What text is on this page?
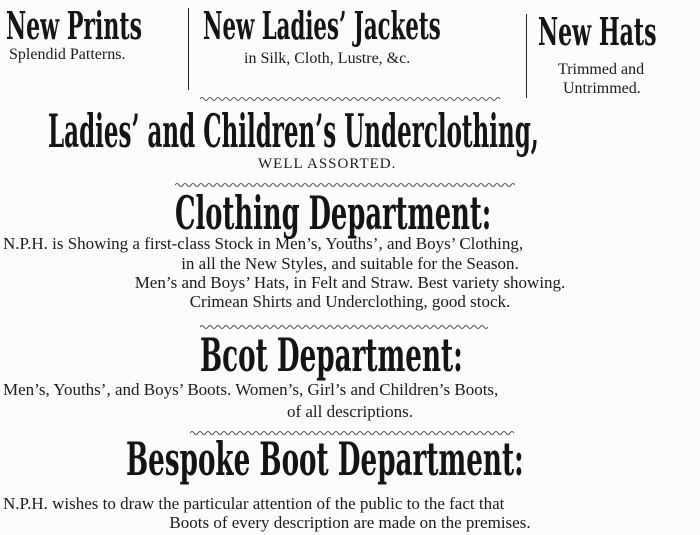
New Prints
Splendid Patterns.
New Ladies’ Jackets
in Silk, Cloth, Lustre, &c.
New Hats
Trimmed and
Untrimmed.
Ladies’ and Children’s Underclothing,
WELL ASSORTED.
Clothing Department:
N.P.H. is Showing a first-class Stock in Men’s, Youths’, and Boys’ Clothing,
in all the New Styles, and suitable for the Season.
Men’s and Boys’ Hats, in Felt and Straw. Best variety showing.
Crimean Shirts and Underclothing, good stock.
Bcot Department:
Men’s, Youths’, and Boys’ Boots. Women’s, Girl’s and Children’s Boots,
of all descriptions.
Bespoke Boot Department:
N.P.H. wishes to draw the particular attention of the public to the fact that
Boots of every description are made on the premises.
